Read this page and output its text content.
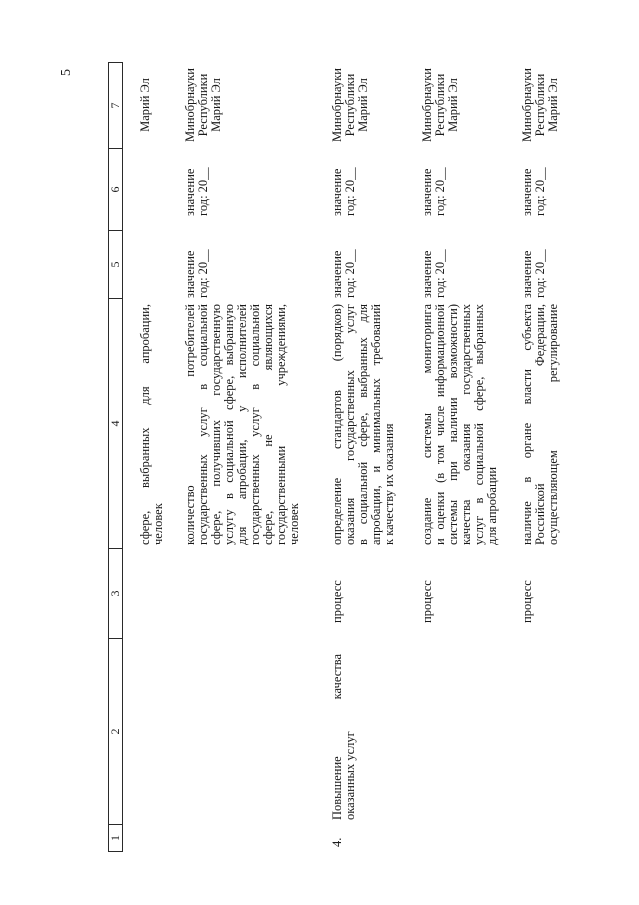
5
1
2
3
4
5
6
7
сфере, выбранных для апробации, человек
Марий Эл
количество потребителей государственных услуг в социальной сфере, получивших государственную услугу в социальной сфере, выбранную для апробации, у исполнителей государственных услуг в социальной сфере, не являющихся государственными учреждениями, человек
значение год: 20__
значение год: 20__
Минобрнауки Республики Марий Эл
4.
Повышение качества оказанных услуг
процесс
определение стандартов (порядков) оказания государственных услуг в социальной сфере, выбранных для апробации, и минимальных требований к качеству их оказания
значение год: 20__
значение год: 20__
Минобрнауки Республики Марий Эл
процесс
создание системы мониторинга и оценки (в том числе информационной системы при наличии возможности) качества оказания государственных услуг в социальной сфере, выбранных для апробации
значение год: 20__
значение год: 20__
Минобрнауки Республики Марий Эл
процесс
наличие в органе власти субъекта Российской Федерации, осуществляющем регулирование
значение год: 20__
значение год: 20__
Минобрнауки Республики Марий Эл
